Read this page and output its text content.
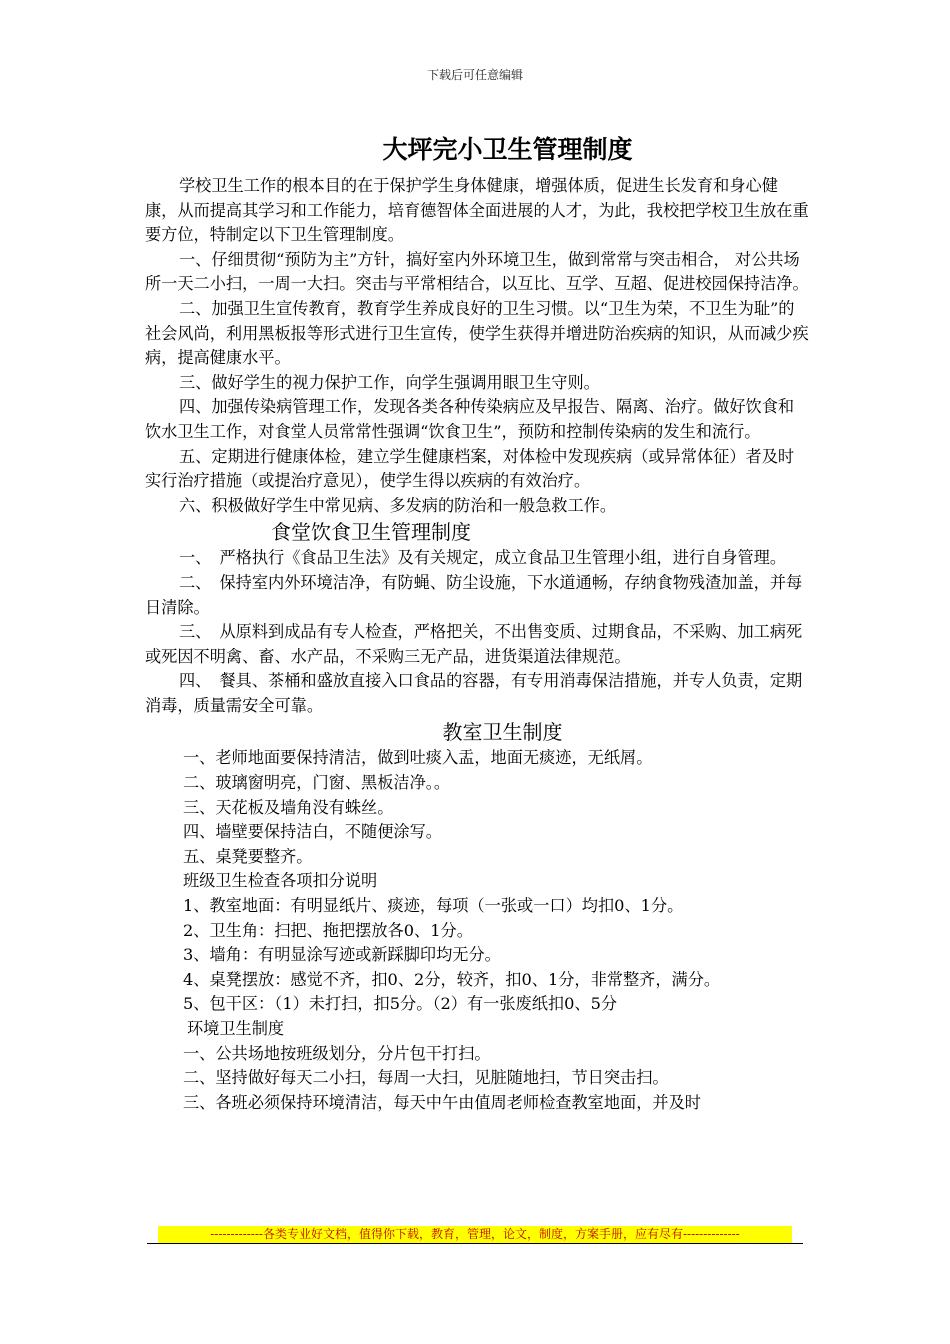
下载后可任意编辑
大坪完小卫生管理制度

学校卫生工作的根本目的在于保护学生身体健康，增强体质，促进生长发育和身心健康，从而提高其学习和工作能力，培育德智体全面进展的人才，为此，我校把学校卫生放在重要方位，特制定以下卫生管理制度。

一、仔细贯彻“预防为主”方针，搞好室内外环境卫生，做到常常与突击相合， 对公共场所一天二小扫，一周一大扫。突击与平常相结合，以互比、互学、互超、促进校园保持洁净。

二、加强卫生宣传教育，教育学生养成良好的卫生习惯。以“卫生为荣，不卫生为耻”的社会风尚，利用黑板报等形式进行卫生宣传，使学生获得并增进防治疾病的知识，从而减少疾病，提高健康水平。

三、做好学生的视力保护工作，向学生强调用眼卫生守则。

四、加强传染病管理工作，发现各类各种传染病应及早报告、隔离、治疗。做好饮食和饮水卫生工作，对食堂人员常常性强调“饮食卫生”，预防和控制传染病的发生和流行。

五、定期进行健康体检，建立学生健康档案，对体检中发现疾病（或异常体征）者及时实行治疗措施（或提治疗意见），使学生得以疾病的有效治疗。

六、积极做好学生中常见病、多发病的防治和一般急救工作。

食堂饮食卫生管理制度

一、　严格执行《食品卫生法》及有关规定，成立食品卫生管理小组，进行自身管理。

二、　保持室内外环境洁净，有防蝇、防尘设施，下水道通畅，存纳食物残渣加盖，并每日清除。

三、　从原料到成品有专人检查，严格把关，不出售变质、过期食品，不采购、加工病死或死因不明禽、畜、水产品，不采购三无产品，进货渠道法律规范。

四、　餐具、茶桶和盛放直接入口食品的容器，有专用消毒保洁措施，并专人负责，定期消毒，质量需安全可靠。

教室卫生制度

一、老师地面要保持清洁，做到吐痰入盂，地面无痰迹，无纸屑。

二、玻璃窗明亮，门窗、黑板洁净。。

三、天花板及墙角没有蛛丝。

四、墙壁要保持洁白，不随便涂写。

五、桌凳要整齐。

班级卫生检查各项扣分说明

1、教室地面：有明显纸片、痰迹，每项（一张或一口）均扣0、1分。

2、卫生角：扫把、拖把摆放各0、1分。

3、墙角：有明显涂写迹或新踩脚印均无分。

4、桌凳摆放：感觉不齐，扣0、2分，较齐，扣0、1分，非常整齐，满分。

5、包干区：（1）未打扫，扣5分。（2）有一张废纸扣0、5分

环境卫生制度

一、公共场地按班级划分，分片包干打扫。

二、坚持做好每天二小扫，每周一大扫，见脏随地扫，节日突击扫。

三、各班必须保持环境清洁，每天中午由值周老师检查教室地面，并及时

-------------各类专业好文档，值得你下载，教育，管理，论文，制度，方案手册，应有尽有--------------
